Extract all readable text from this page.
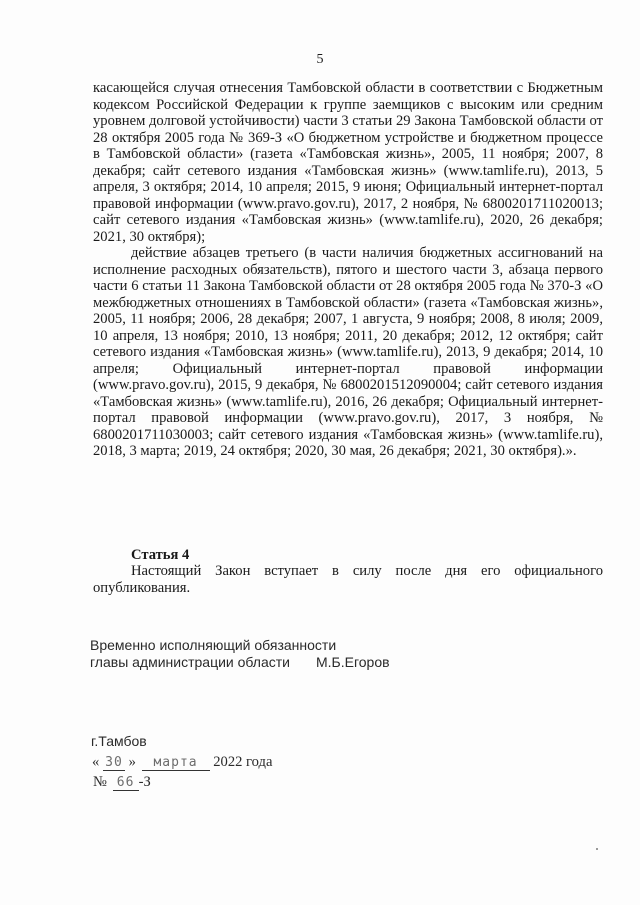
5

касающейся случая отнесения Тамбовской области в соответствии с Бюджетным кодексом Российской Федерации к группе заемщиков с высоким или средним уровнем долговой устойчивости) части 3 статьи 29 Закона Тамбовской области от 28 октября 2005 года № 369-З «О бюджетном устройстве и бюджетном процессе в Тамбовской области» (газета «Тамбовская жизнь», 2005, 11 ноября; 2007, 8 декабря; сайт сетевого издания «Тамбовская жизнь» (www.tamlife.ru), 2013, 5 апреля, 3 октября; 2014, 10 апреля; 2015, 9 июня; Официальный интернет-портал правовой информации (www.pravo.gov.ru), 2017, 2 ноября, № 6800201711020013; сайт сетевого издания «Тамбовская жизнь» (www.tamlife.ru), 2020, 26 декабря; 2021, 30 октября);

действие абзацев третьего (в части наличия бюджетных ассигнований на исполнение расходных обязательств), пятого и шестого части 3, абзаца первого части 6 статьи 11 Закона Тамбовской области от 28 октября 2005 года № 370-З «О межбюджетных отношениях в Тамбовской области» (газета «Тамбовская жизнь», 2005, 11 ноября; 2006, 28 декабря; 2007, 1 августа, 9 ноября; 2008, 8 июля; 2009, 10 апреля, 13 ноября; 2010, 13 ноября; 2011, 20 декабря; 2012, 12 октября; сайт сетевого издания «Тамбовская жизнь» (www.tamlife.ru), 2013, 9 декабря; 2014, 10 апреля; Официальный интернет-портал правовой информации (www.pravo.gov.ru), 2015, 9 декабря, № 6800201512090004; сайт сетевого издания «Тамбовская жизнь» (www.tamlife.ru), 2016, 26 декабря; Официальный интернет-портал правовой информации (www.pravo.gov.ru), 2017, 3 ноября, № 6800201711030003; сайт сетевого издания «Тамбовская жизнь» (www.tamlife.ru), 2018, 3 марта; 2019, 24 октября; 2020, 30 мая, 26 декабря; 2021, 30 октября).».

Статья 4
Настоящий Закон вступает в силу после дня его официального опубликования.
Временно исполняющий обязанности
главы администрации области М.Б.Егоров
г.Тамбов
« 30 » марта 2022 года
№ 66 -З
